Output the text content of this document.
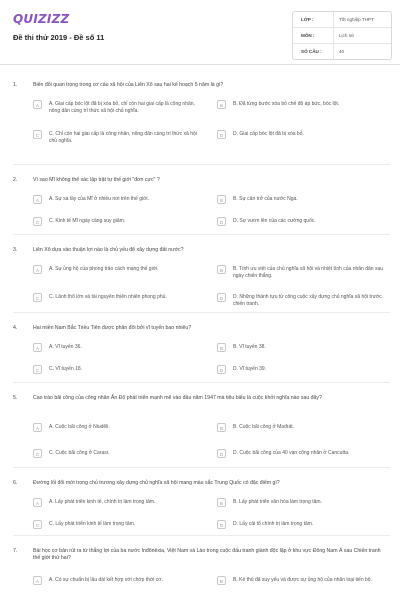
QUIZIZZ
Đề thi thử 2019 - Đề số 11
LỚP :	Tốt nghiệp THPT
MÔN :	Lịch sử
SỐ CÂU :	40
1.	Biến đổi quan trọng trong cơ cấu xã hội của Liên Xô sau hai kế hoạch 5 năm là gì?
A	A. Giai cấp bóc lột đã bị xóa bỏ, chỉ còn hai giai cấp là công nhân, nông dân cùng trí thức xã hội chủ nghĩa.
B	B. Đã từng bước xóa bỏ chế độ áp bức, bóc lột.
C	C. Chỉ còn hai giai cấp là công nhân, nông dân cùng trí thức xã hội chủ nghĩa.
D	D. Giai cấp bóc lột đã bị xóa bỏ.
2.	Vì sao Mĩ không thể xác lập trật tự thế giới "đơn cực" ?
A	A. Sự sa lầy của Mĩ ở nhiều nơi trên thế giới.	B	B. Sự cản trở của nước Nga.
C	C. Kinh tế Mĩ ngày càng suy giảm.	D	D. Sự vươn lên của các cường quốc.
3.	Liên Xô dựa vào thuận lợi nào là chủ yếu để xây dựng đất nước?
A	A. Sự ủng hộ của phong trào cách mạng thế giới.	B	B. Tính ưu việt của chủ nghĩa xã hội và nhiệt tình của nhân dân sau ngày chiến thắng.
C	C. Lãnh thổ lớn và tài nguyên thiên nhiên phong phú.	D	D. Những thành tựu từ công cuộc xây dựng chủ nghĩa xã hội trước chiến tranh.
4.	Hai miền Nam Bắc Triều Tiên được phân đôi bởi vĩ tuyến bao nhiêu?
A	A. Vĩ tuyến 36.	B	B. Vĩ tuyến 38.
C	C. Vĩ tuyến 18.	D	D. Vĩ tuyến 39.
5.	Cao trào bãi công của công nhân Ấn Độ phát triển mạnh mẽ vào đầu năm 1947 mà tiêu biểu là cuộc khởi nghĩa nào sau đây?
A	A. Cuộc bãi công ở Niudêli.	B	B. Cuộc bãi công ở Mađrát.
C	C. Cuộc bãi công ở Carasi.	D	D. Cuộc bãi công của 40 vạn công nhân ở Cancutta.
6.	Đường lối đổi mới trong chủ trương xây dựng chủ nghĩa xã hội mang màu sắc Trung Quốc có đặc điểm gì?
A	A. Lấy phát triển kinh tế, chính trị làm trọng tâm.	B	B. Lấy phát triển văn hóa làm trọng tâm.
C	C. Lấy phát triển kinh tế làm trọng tâm.	D	D. Lấy cải tổ chính trị làm trọng tâm.
7.	Bài học cơ bản rút ra từ thắng lợi của ba nước Inđônêxia, Việt Nam và Lào trong cuộc đấu tranh giành độc lập ở khu vực Đông Nam Á sau Chiến tranh thế giới thứ hai?
A	A. Có sự chuẩn bị lâu dài kết hợp với chớp thời cơ.	B	B. Kẻ thù đã suy yếu và được sự ủng hộ của nhân loại tiến bộ.
